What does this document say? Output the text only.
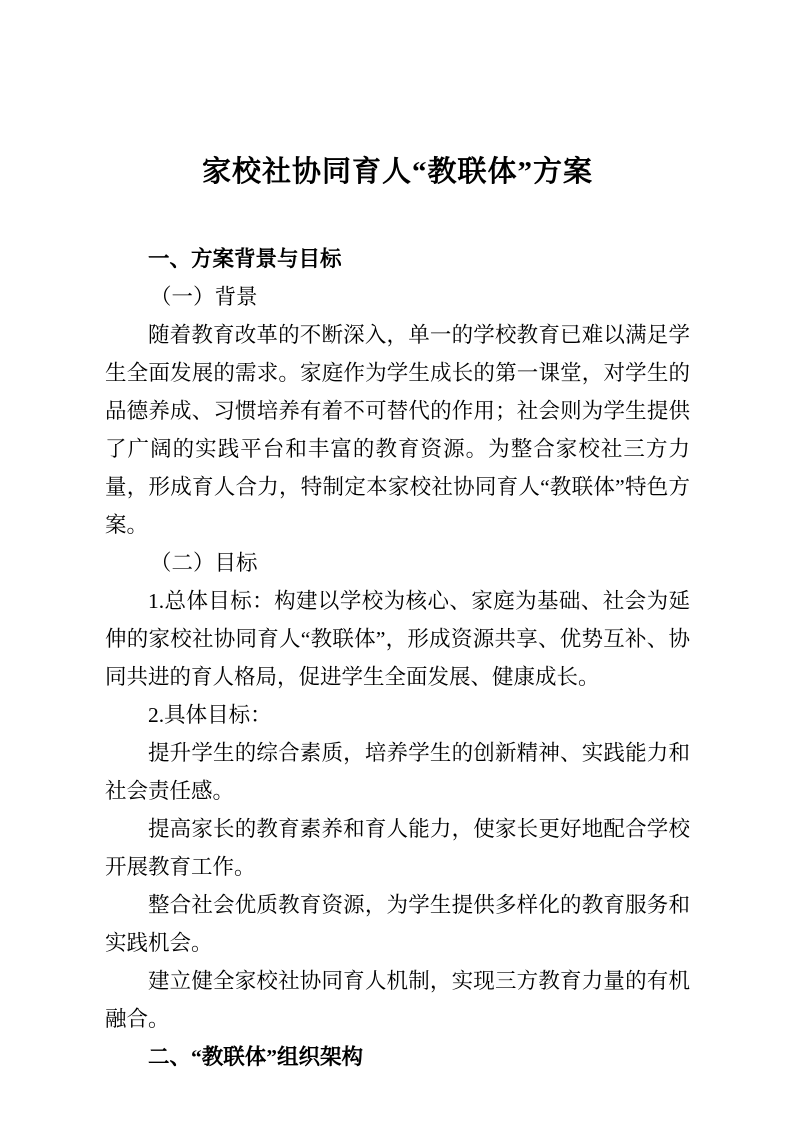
家校社协同育人“教联体”方案
一、方案背景与目标
（一）背景

随着教育改革的不断深入，单一的学校教育已难以满足学生全面发展的需求。家庭作为学生成长的第一课堂，对学生的品德养成、习惯培养有着不可替代的作用；社会则为学生提供了广阔的实践平台和丰富的教育资源。为整合家校社三方力量，形成育人合力，特制定本家校社协同育人“教联体”特色方案。

（二）目标

1.总体目标：构建以学校为核心、家庭为基础、社会为延伸的家校社协同育人“教联体”，形成资源共享、优势互补、协同共进的育人格局，促进学生全面发展、健康成长。

2.具体目标：

提升学生的综合素质，培养学生的创新精神、实践能力和社会责任感。

提高家长的教育素养和育人能力，使家长更好地配合学校开展教育工作。

整合社会优质教育资源，为学生提供多样化的教育服务和实践机会。

建立健全家校社协同育人机制，实现三方教育力量的有机融合。

二、“教联体”组织架构
